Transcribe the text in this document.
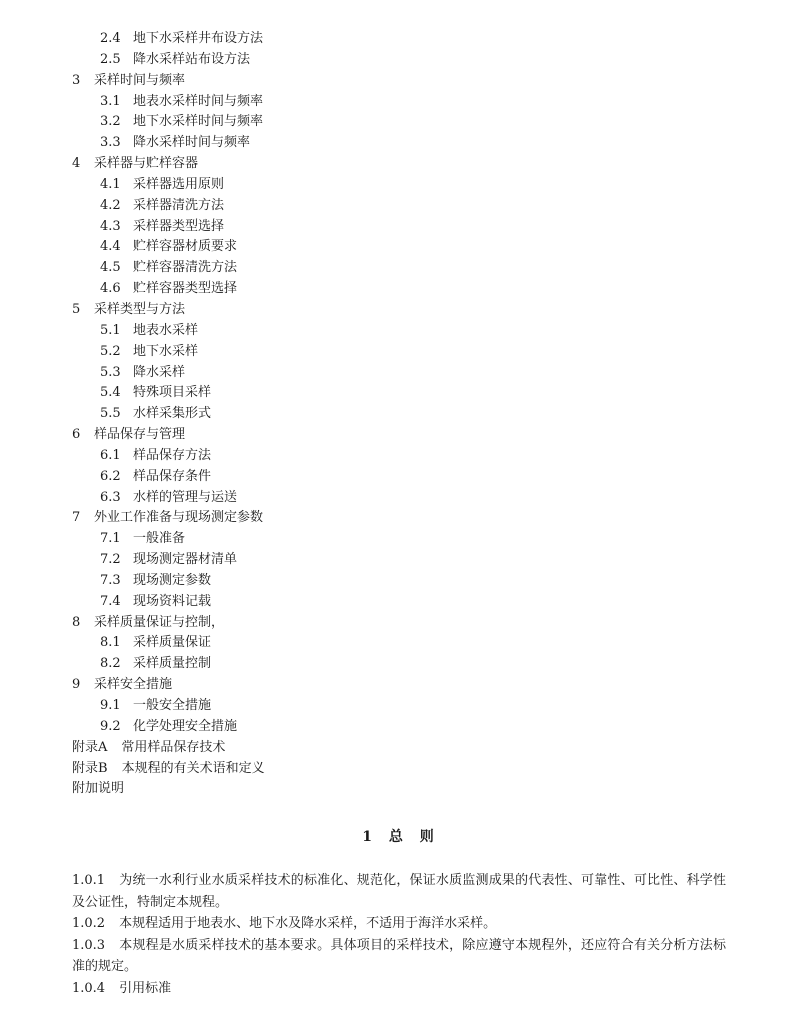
2.4 地下水采样井布设方法
2.5 降水采样站布设方法
3 采样时间与频率
3.1 地表水采样时间与频率
3.2 地下水采样时间与频率
3.3 降水采样时间与频率
4 采样器与贮样容器
4.1 采样器选用原则
4.2 采样器清洗方法
4.3 采样器类型选择
4.4 贮样容器材质要求
4.5 贮样容器清洗方法
4.6 贮样容器类型选择
5 采样类型与方法
5.1 地表水采样
5.2 地下水采样
5.3 降水采样
5.4 特殊项目采样
5.5 水样采集形式
6 样品保存与管理
6.1 样品保存方法
6.2 样品保存条件
6.3 水样的管理与运送
7 外业工作准备与现场测定参数
7.1 一般准备
7.2 现场测定器材清单
7.3 现场测定参数
7.4 现场资料记载
8 采样质量保证与控制，
8.1 采样质量保证
8.2 采样质量控制
9 采样安全措施
9.1 一般安全措施
9.2 化学处理安全措施
附录A 常用样品保存技术
附录B 本规程的有关术语和定义
附加说明
1 总 则

1.0.1 为统一水利行业水质采样技术的标准化、规范化，保证水质监测成果的代表性、可靠性、可比性、科学性及公证性，特制定本规程。

1.0.2 本规程适用于地表水、地下水及降水采样，不适用于海洋水采样。

1.0.3 本规程是水质采样技术的基本要求。具体项目的采样技术，除应遵守本规程外，还应符合有关分析方法标准的规定。

1.0.4 引用标准
